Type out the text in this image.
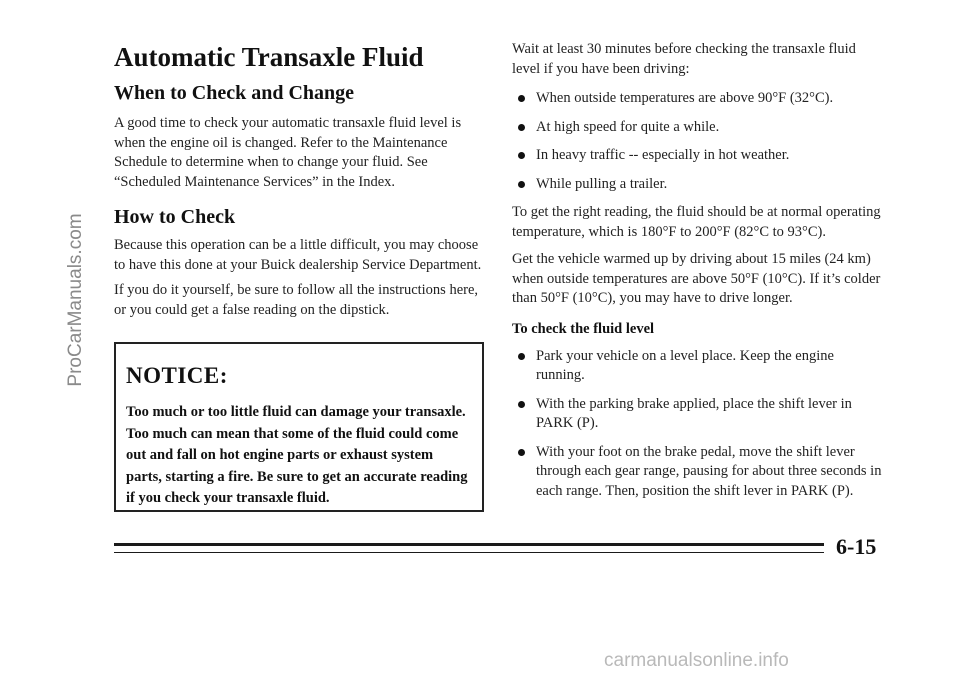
Automatic Transaxle Fluid
When to Check and Change

A good time to check your automatic transaxle fluid level is when the engine oil is changed. Refer to the Maintenance Schedule to determine when to change your fluid. See “Scheduled Maintenance Services” in the Index.

How to Check

Because this operation can be a little difficult, you may choose to have this done at your Buick dealership Service Department.

If you do it yourself, be sure to follow all the instructions here, or you could get a false reading on the dipstick.

NOTICE:

Too much or too little fluid can damage your transaxle. Too much can mean that some of the fluid could come out and fall on hot engine parts or exhaust system parts, starting a fire. Be sure to get an accurate reading if you check your transaxle fluid.

Wait at least 30 minutes before checking the transaxle fluid level if you have been driving:

When outside temperatures are above 90°F (32°C).
At high speed for quite a while.
In heavy traffic -- especially in hot weather.
While pulling a trailer.

To get the right reading, the fluid should be at normal operating temperature, which is 180°F to 200°F (82°C to 93°C).

Get the vehicle warmed up by driving about 15 miles (24 km) when outside temperatures are above 50°F (10°C). If it’s colder than 50°F (10°C), you may have to drive longer.

To check the fluid level

Park your vehicle on a level place. Keep the engine running.
With the parking brake applied, place the shift lever in PARK (P).
With your foot on the brake pedal, move the shift lever through each gear range, pausing for about three seconds in each range. Then, position the shift lever in PARK (P).
6-15
ProCarManuals.com
carmanualsonline.info
